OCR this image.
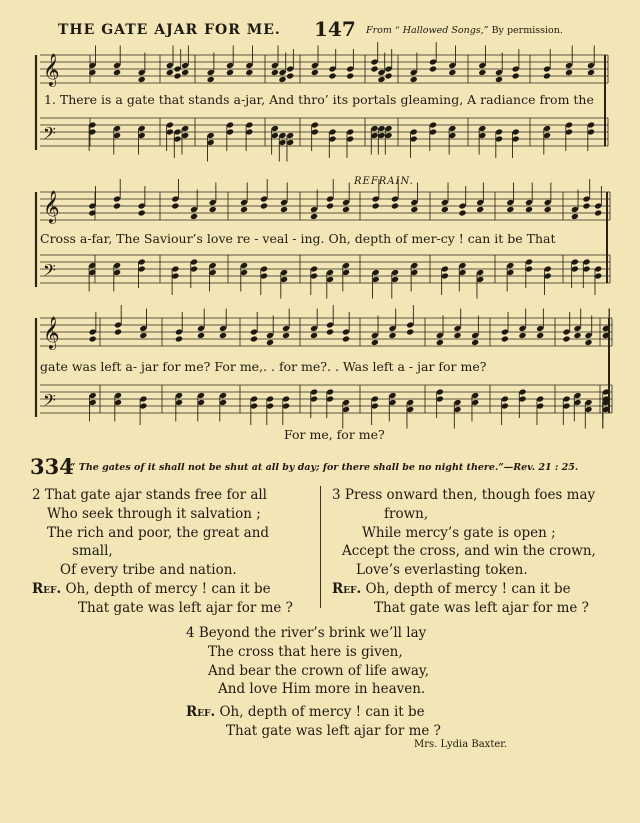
THE GATE AJAR FOR ME. 147 From “ Hallowed Songs,” By permission.
𝄞
𝄢
𝄞
𝄢
𝄞
𝄢
1. There is a gate that stands a-jar, And thro’ its portals gleaming, A radiance from the
REFRAIN.
Cross a-far, The Saviour’s love re - veal - ing. Oh, depth of mer-cy ! can it be That
gate was left a- jar for me? For me,. . for me?. . Was left a - jar for me?
For me, for me?
334
“ The gates of it shall not be shut at all by day; for there shall be no night there.”—Rev. 21 : 25.
2 That gate ajar stands free for all
Who seek through it salvation ;
The rich and poor, the great and
small,
Of every tribe and nation.
Ref. Oh, depth of mercy ! can it be
That gate was left ajar for me ?
3 Press onward then, though foes may
frown,
While mercy’s gate is open ;
Accept the cross, and win the crown,
Love’s everlasting token.
Ref. Oh, depth of mercy ! can it be
That gate was left ajar for me ?
4 Beyond the river’s brink we’ll lay
The cross that here is given,
And bear the crown of life away,
And love Him more in heaven.
Ref. Oh, depth of mercy ! can it be
That gate was left ajar for me ?
Mrs. Lydia Baxter.
